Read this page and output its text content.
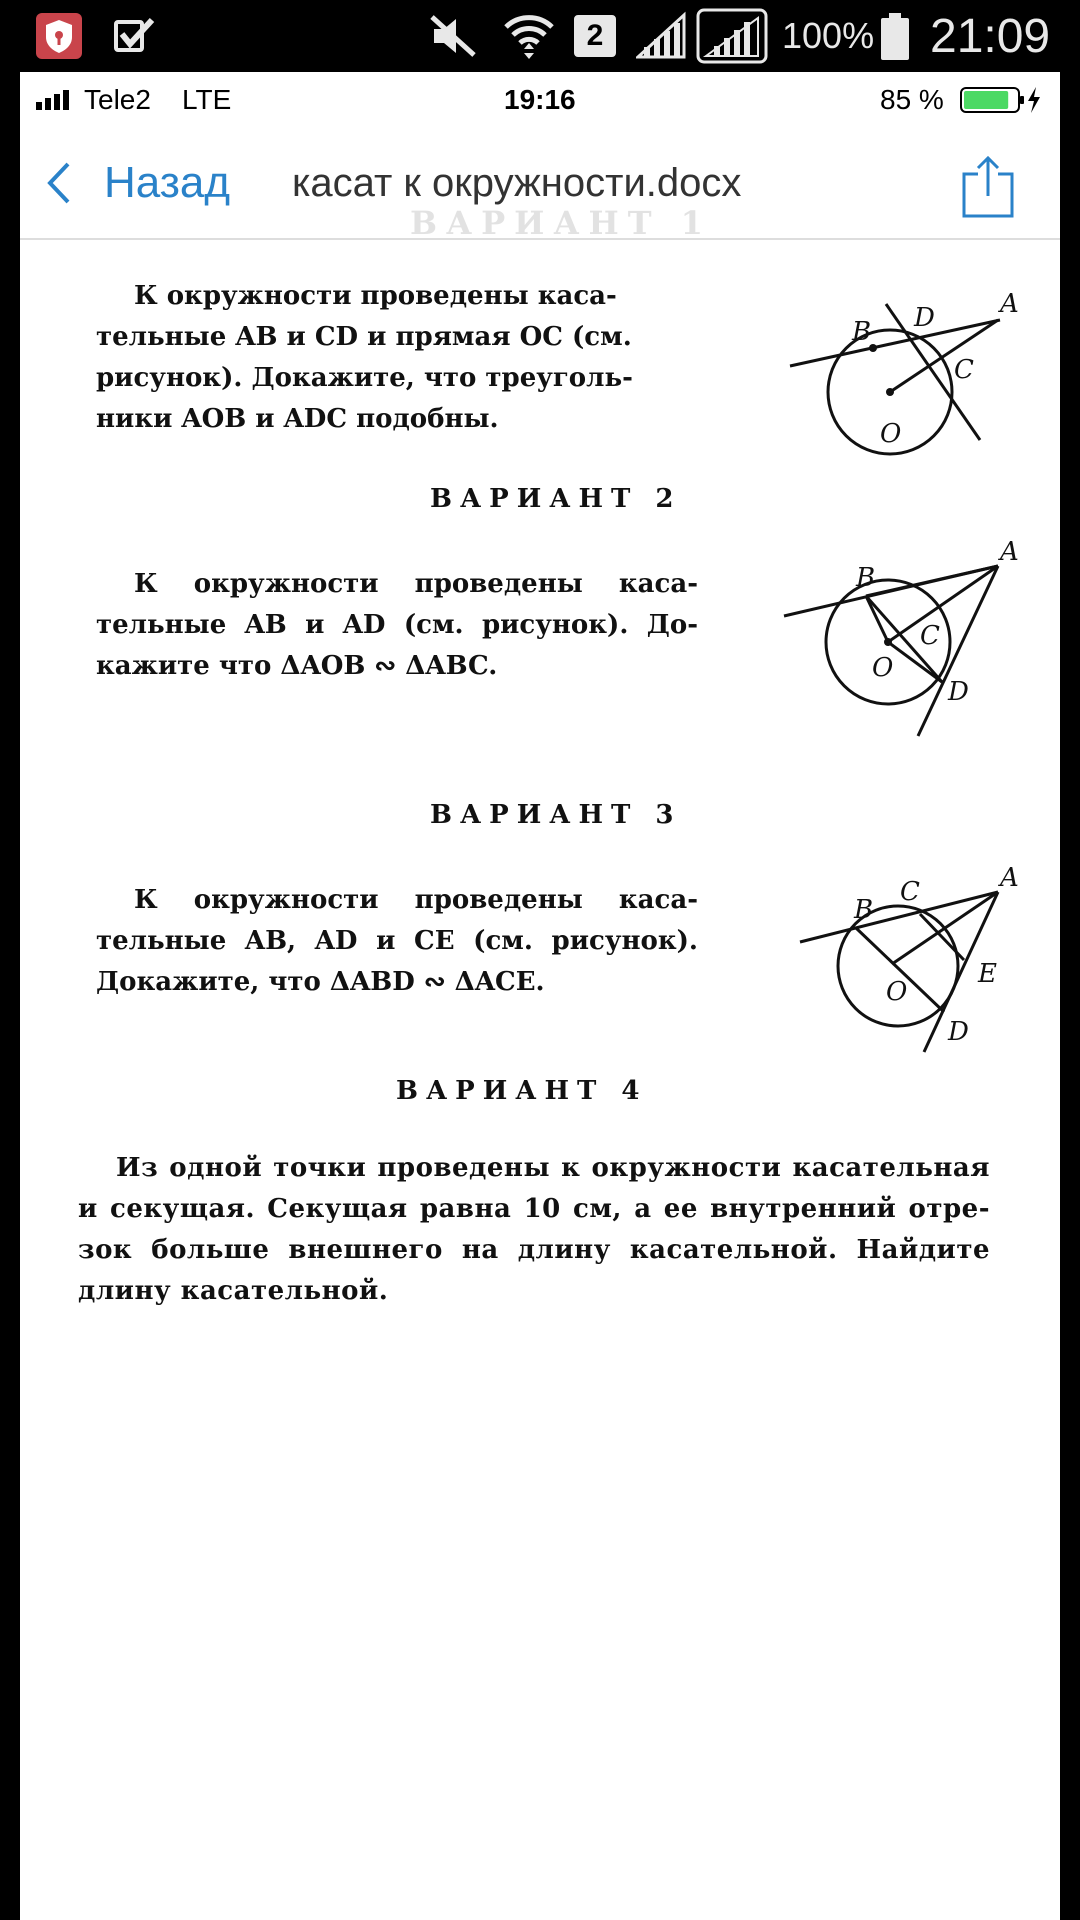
2	100% 21:09
Tele2 LTE	19:16	85 %
Назад касат к окружности.docx
ВАРИАНТ 1
К окружности проведены каса-
тельные AB и CD и прямая OC (см.
рисунок). Докажите, что треуголь-
ники AOB и ADC подобны.
A
B
C
D
O
ВАРИАНТ 2
К окружности проведены каса-
тельные AB и AD (см. рисунок). До-
кажите что ΔAOB ∾ ΔABC.
A
B
C
D
O
ВАРИАНТ 3
К окружности проведены каса-
тельные AB, AD и CE (см. рисунок).
Докажите, что ΔABD ∾ ΔACE.
A
B
C
D
E
O
ВАРИАНТ 4
Из одной точки проведены к окружности касательная
и секущая. Секущая равна 10 см, а ее внутренний отре-
зок больше внешнего на длину касательной. Найдите
длину касательной.
